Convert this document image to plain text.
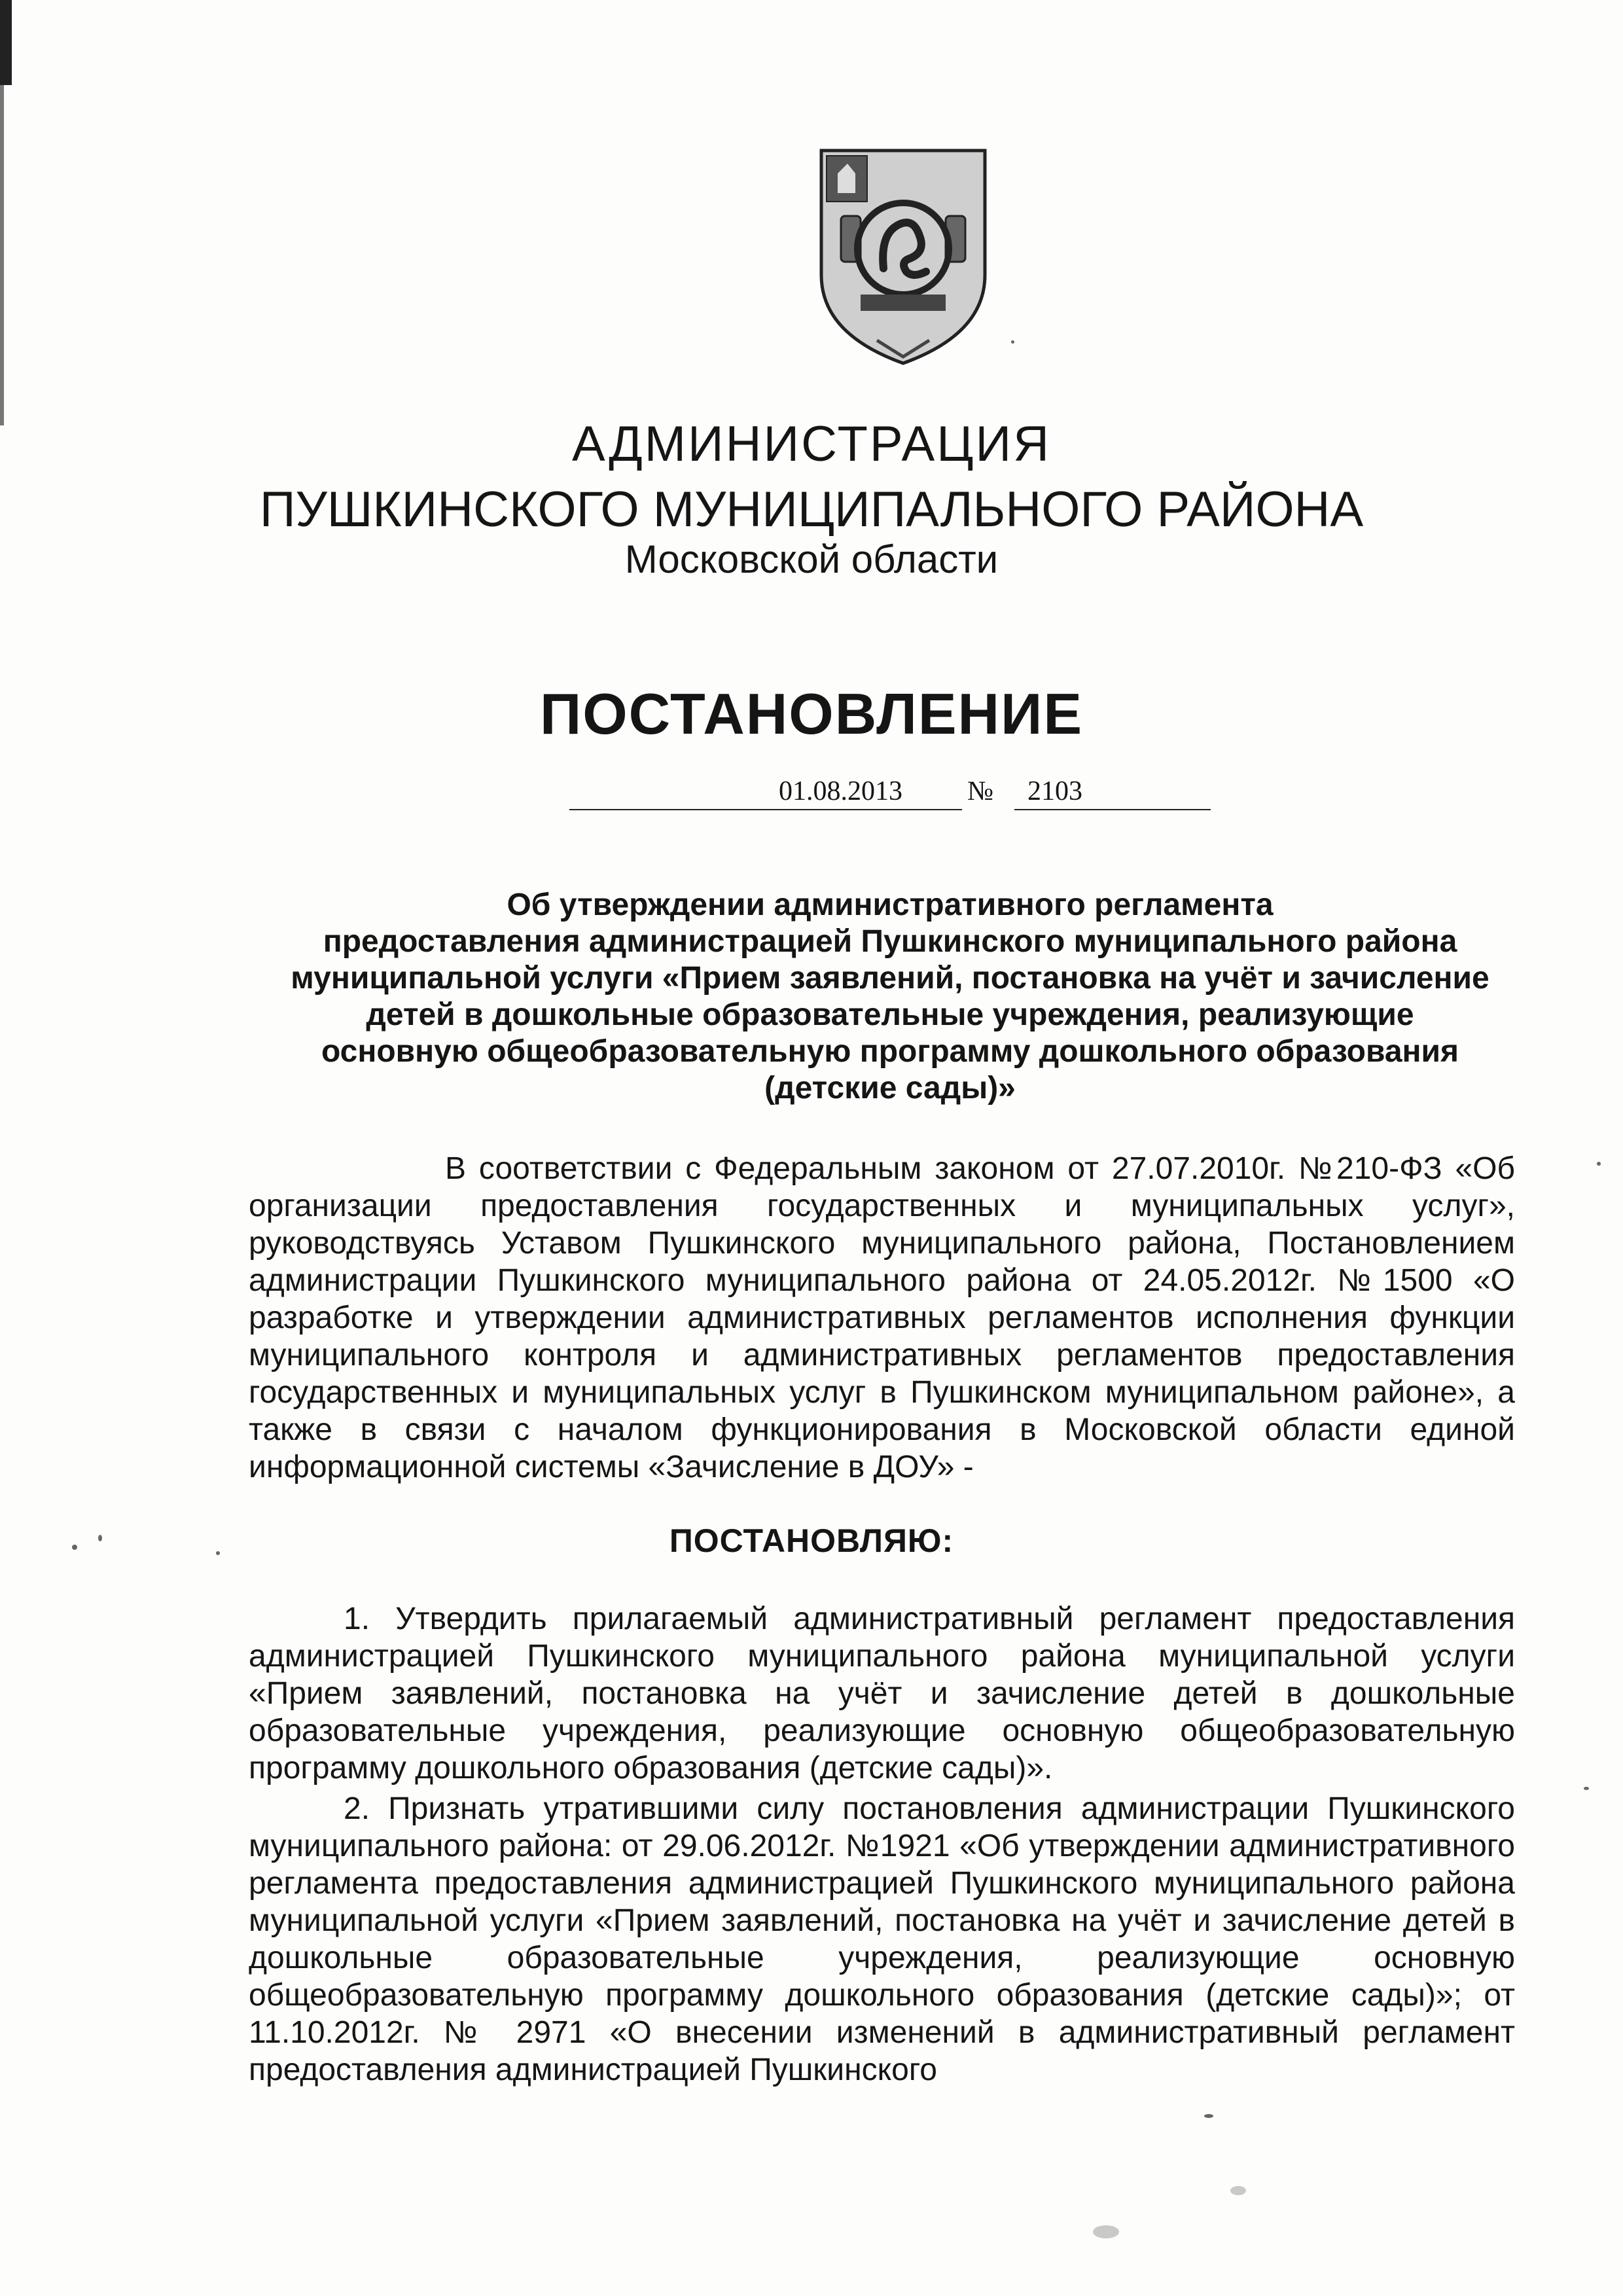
АДМИНИСТРАЦИЯ
ПУШКИНСКОГО МУНИЦИПАЛЬНОГО РАЙОНА
Московской области
ПОСТАНОВЛЕНИЕ
01.08.2013 № 2103
Об утверждении административного регламента
предоставления администрацией Пушкинского муниципального района
муниципальной услуги «Прием заявлений, постановка на учёт и зачисление
детей в дошкольные образовательные учреждения, реализующие
основную общеобразовательную программу дошкольного образования
(детские сады)»

В соответствии с Федеральным законом от 27.07.2010г. №210-ФЗ «Об организации предоставления государственных и муниципальных услуг», руководствуясь Уставом Пушкинского муниципального района, Постановлением администрации Пушкинского муниципального района от 24.05.2012г. №1500 «О разработке и утверждении административных регламентов исполнения функции муниципального контроля и административных регламентов предоставления государственных и муниципальных услуг в Пушкинском муниципальном районе», а также в связи с началом функционирования в Московской области единой информационной системы «Зачисление в ДОУ» -

ПОСТАНОВЛЯЮ:

1. Утвердить прилагаемый административный регламент предоставления администрацией Пушкинского муниципального района муниципальной услуги «Прием заявлений, постановка на учёт и зачисление детей в дошкольные образовательные учреждения, реализующие основную общеобразовательную программу дошкольного образования (детские сады)».

2. Признать утратившими силу постановления администрации Пушкинского муниципального района: от 29.06.2012г. №1921 «Об утверждении административного регламента предоставления администрацией Пушкинского муниципального района муниципальной услуги «Прием заявлений, постановка на учёт и зачисление детей в дошкольные образовательные учреждения, реализующие основную общеобразовательную программу дошкольного образования (детские сады)»; от 11.10.2012г. № 2971 «О внесении изменений в административный регламент предоставления администрацией Пушкинского
